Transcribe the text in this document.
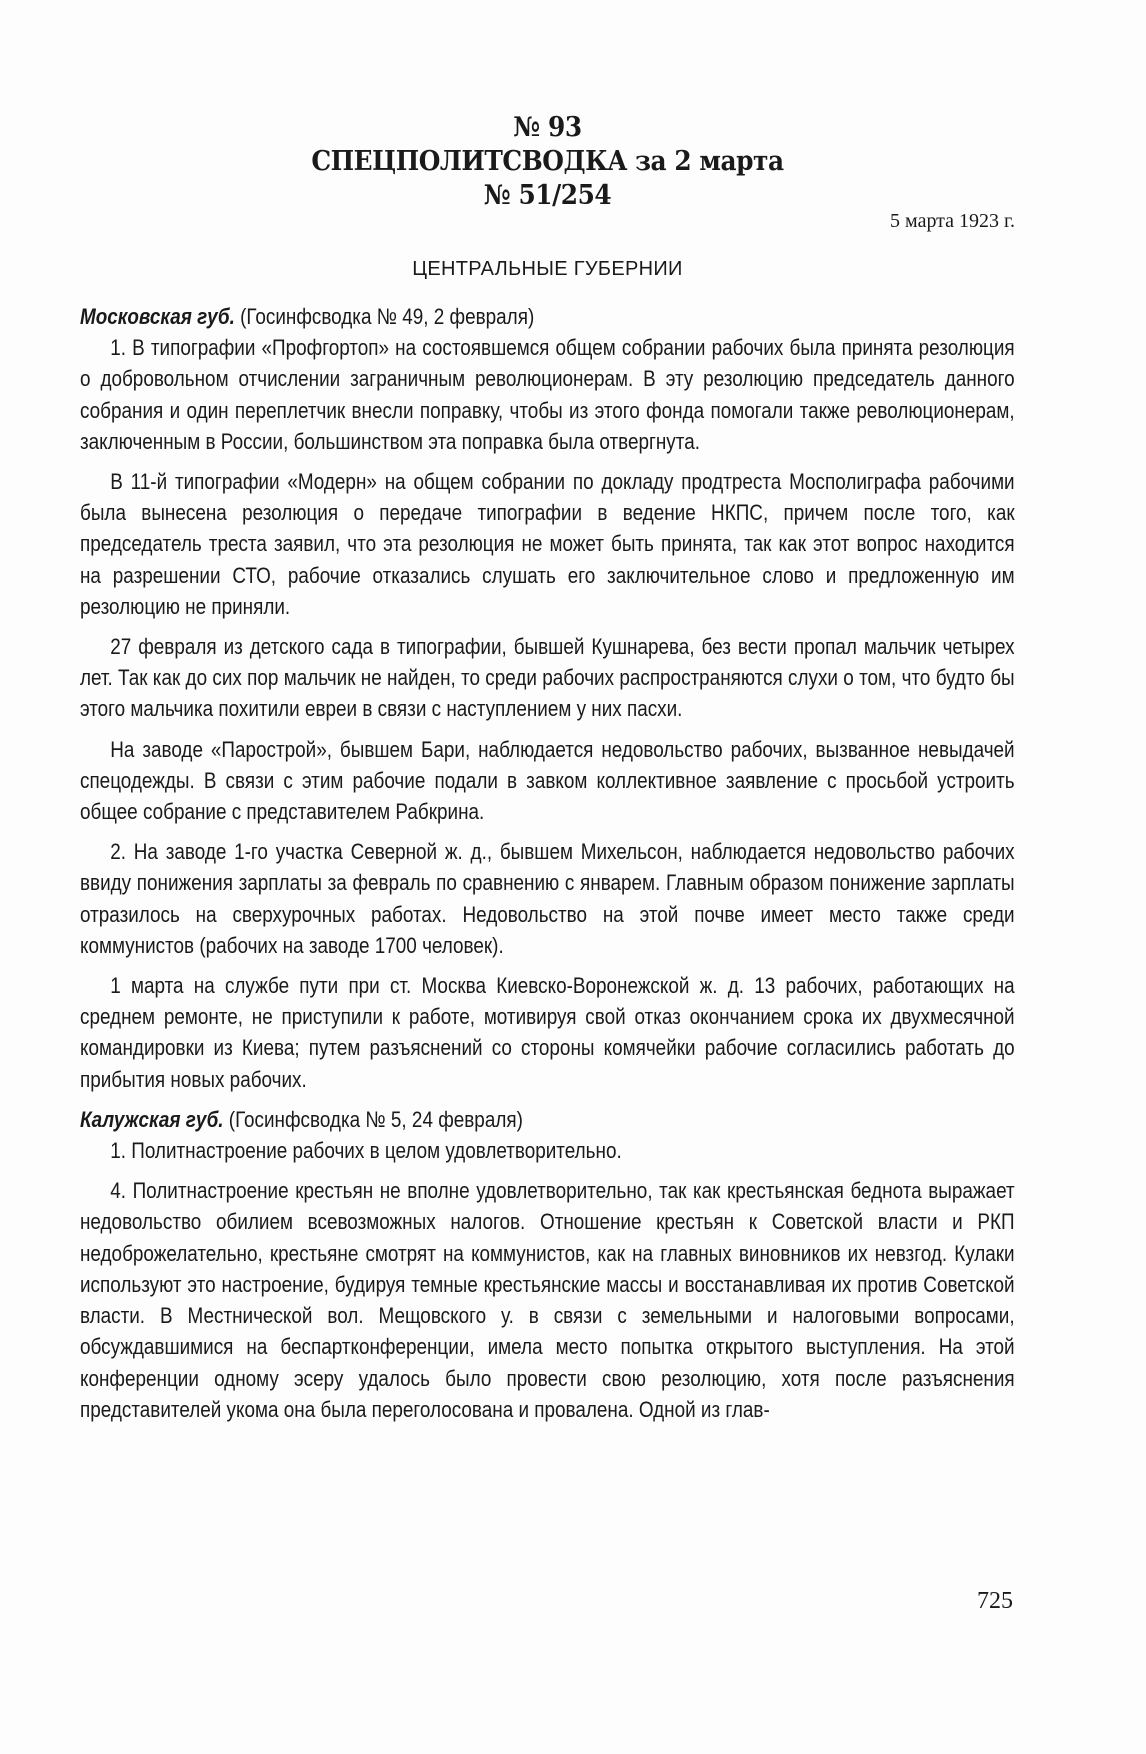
№ 93
СПЕЦПОЛИТСВОДКА за 2 марта
№ 51/254
5 марта 1923 г.
ЦЕНТРАЛЬНЫЕ ГУБЕРНИИ

Московская губ. (Госинфсводка № 49, 2 февраля)

1. В типографии «Профгортоп» на состоявшемся общем собрании рабочих была принята резолюция о добровольном отчислении заграничным революционерам. В эту резолюцию председатель данного собрания и один переплетчик внесли поправку, чтобы из этого фонда помогали также революционерам, заключенным в России, большинством эта поправка была отвергнута.

В 11-й типографии «Модерн» на общем собрании по докладу продтреста Мосполиграфа рабочими была вынесена резолюция о передаче типографии в ведение НКПС, причем после того, как председатель треста заявил, что эта резолюция не может быть принята, так как этот вопрос находится на разрешении СТО, рабочие отказались слушать его заключительное слово и предложенную им резолюцию не приняли.

27 февраля из детского сада в типографии, бывшей Кушнарева, без вести пропал мальчик четырех лет. Так как до сих пор мальчик не найден, то среди рабочих распространяются слухи о том, что будто бы этого мальчика похитили евреи в связи с наступлением у них пасхи.

На заводе «Парострой», бывшем Бари, наблюдается недовольство рабочих, вызванное невыдачей спецодежды. В связи с этим рабочие подали в завком коллективное заявление с просьбой устроить общее собрание с представителем Рабкрина.

2. На заводе 1-го участка Северной ж. д., бывшем Михельсон, наблюдается недовольство рабочих ввиду понижения зарплаты за февраль по сравнению с январем. Главным образом понижение зарплаты отразилось на сверхурочных работах. Недовольство на этой почве имеет место также среди коммунистов (рабочих на заводе 1700 человек).

1 марта на службе пути при ст. Москва Киевско-Воронежской ж. д. 13 рабочих, работающих на среднем ремонте, не приступили к работе, мотивируя свой отказ окончанием срока их двухмесячной командировки из Киева; путем разъяснений со стороны комячейки рабочие согласились работать до прибытия новых рабочих.

Калужская губ. (Госинфсводка № 5, 24 февраля)

1. Политнастроение рабочих в целом удовлетворительно.

4. Политнастроение крестьян не вполне удовлетворительно, так как крестьянская беднота выражает недовольство обилием всевозможных налогов. Отношение крестьян к Советской власти и РКП недоброжелательно, крестьяне смотрят на коммунистов, как на главных виновников их невзгод. Кулаки используют это настроение, будируя темные крестьянские массы и восстанавливая их против Советской власти. В Местнической вол. Мещовского у. в связи с земельными и налоговыми вопросами, обсуждавшимися на беспартконференции, имела место попытка открытого выступления. На этой конференции одному эсеру удалось было провести свою резолюцию, хотя после разъяснения представителей укома она была переголосована и провалена. Одной из глав-

725
